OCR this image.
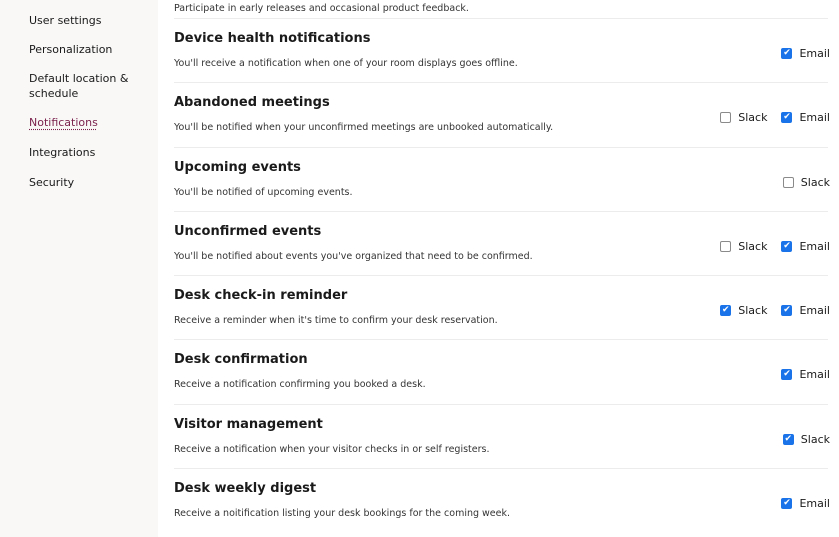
User settings
Personalization
Default location & schedule
Notifications
Integrations
Security
Participate in early releases and occasional product feedback.
Device health notifications
You'll receive a notification when one of your room displays goes offline.
✔ Email
Abandoned meetings
You'll be notified when your unconfirmed meetings are unbooked automatically.
Slack ✔ Email
Upcoming events
You'll be notified of upcoming events.
Slack
Unconfirmed events
You'll be notified about events you've organized that need to be confirmed.
Slack ✔ Email
Desk check-in reminder
Receive a reminder when it's time to confirm your desk reservation.
✔ Slack ✔ Email
Desk confirmation
Receive a notification confirming you booked a desk.
✔ Email
Visitor management
Receive a notification when your visitor checks in or self registers.
✔ Slack
Desk weekly digest
Receive a noitification listing your desk bookings for the coming week.
✔ Email
